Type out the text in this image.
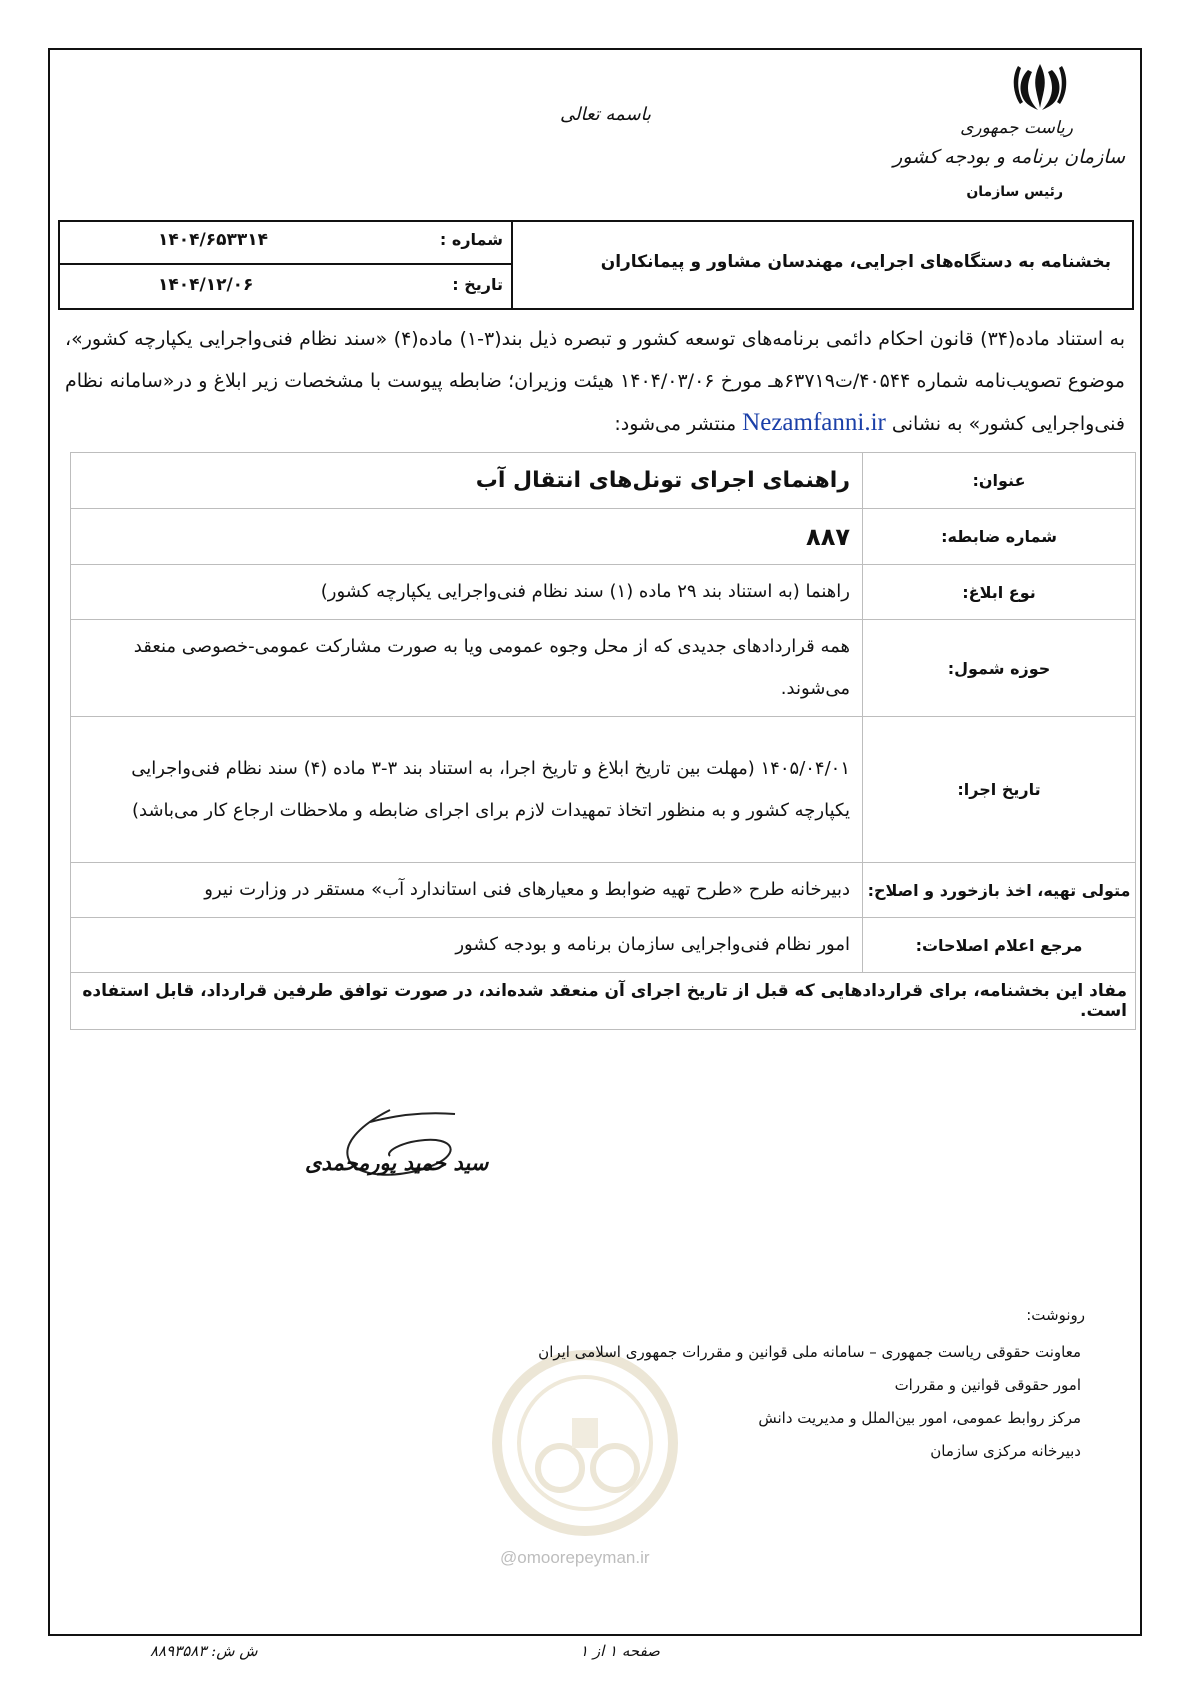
ریاست جمهوری
سازمان برنامه و بودجه کشور
رئیس سازمان
باسمه تعالی
بخشنامه به دستگاه‌های اجرایی، مهندسان مشاور و پیمانکاران
شماره :
۱۴۰۴/۶۵۳۳۱۴
تاریخ :
۱۴۰۴/۱۲/۰۶
به استناد ماده(۳۴) قانون احکام دائمی برنامه‌های توسعه کشور و تبصره ذیل بند(۳-۱) ماده(۴) «سند نظام فنی‌واجرایی یکپارچه کشور»، موضوع تصویب‌نامه شماره ۴۰۵۴۴/ت۶۳۷۱۹هـ مورخ ۱۴۰۴/۰۳/۰۶ هیئت وزیران؛ ضابطه پیوست با مشخصات زیر ابلاغ و در«سامانه نظام فنی‌واجرایی کشور» به نشانی Nezamfanni.ir منتشر می‌شود:
عنوان:	راهنمای اجرای تونل‌های انتقال آب
شماره ضابطه:	۸۸۷
نوع ابلاغ:	راهنما (به استناد بند ۲۹ ماده (۱) سند نظام فنی‌واجرایی یکپارچه کشور)
حوزه شمول:	همه قراردادهای جدیدی که از محل وجوه عمومی ویا به صورت مشارکت عمومی-خصوصی منعقد می‌شوند.
تاریخ اجرا:	۱۴۰۵/۰۴/۰۱ (مهلت بین تاریخ ابلاغ و تاریخ اجرا، به استناد بند ۳-۳ ماده (۴) سند نظام فنی‌واجرایی یکپارچه کشور و به منظور اتخاذ تمهیدات لازم برای اجرای ضابطه و ملاحظات ارجاع کار می‌باشد)
متولی تهیه، اخذ بازخورد و اصلاح:	دبیرخانه طرح «طرح تهیه ضوابط و معیارهای فنی استاندارد آب» مستقر در وزارت نیرو
مرجع اعلام اصلاحات:	امور نظام فنی‌واجرایی سازمان برنامه و بودجه کشور
مفاد این بخشنامه، برای قراردادهایی که قبل از تاریخ اجرای آن منعقد شده‌اند، در صورت توافق طرفین قرارداد، قابل استفاده است.	
سید حمید پورمحمدی
@omoorepeyman.ir
رونوشت:
معاونت حقوقی ریاست جمهوری – سامانه ملی قوانین و مقررات جمهوری اسلامی ایران
امور حقوقی قوانین و مقررات
مرکز روابط عمومی، امور بین‌الملل و مدیریت دانش
دبیرخانه مرکزی سازمان
صفحه ۱ از ۱
ش ش: ۸۸۹۳۵۸۳
